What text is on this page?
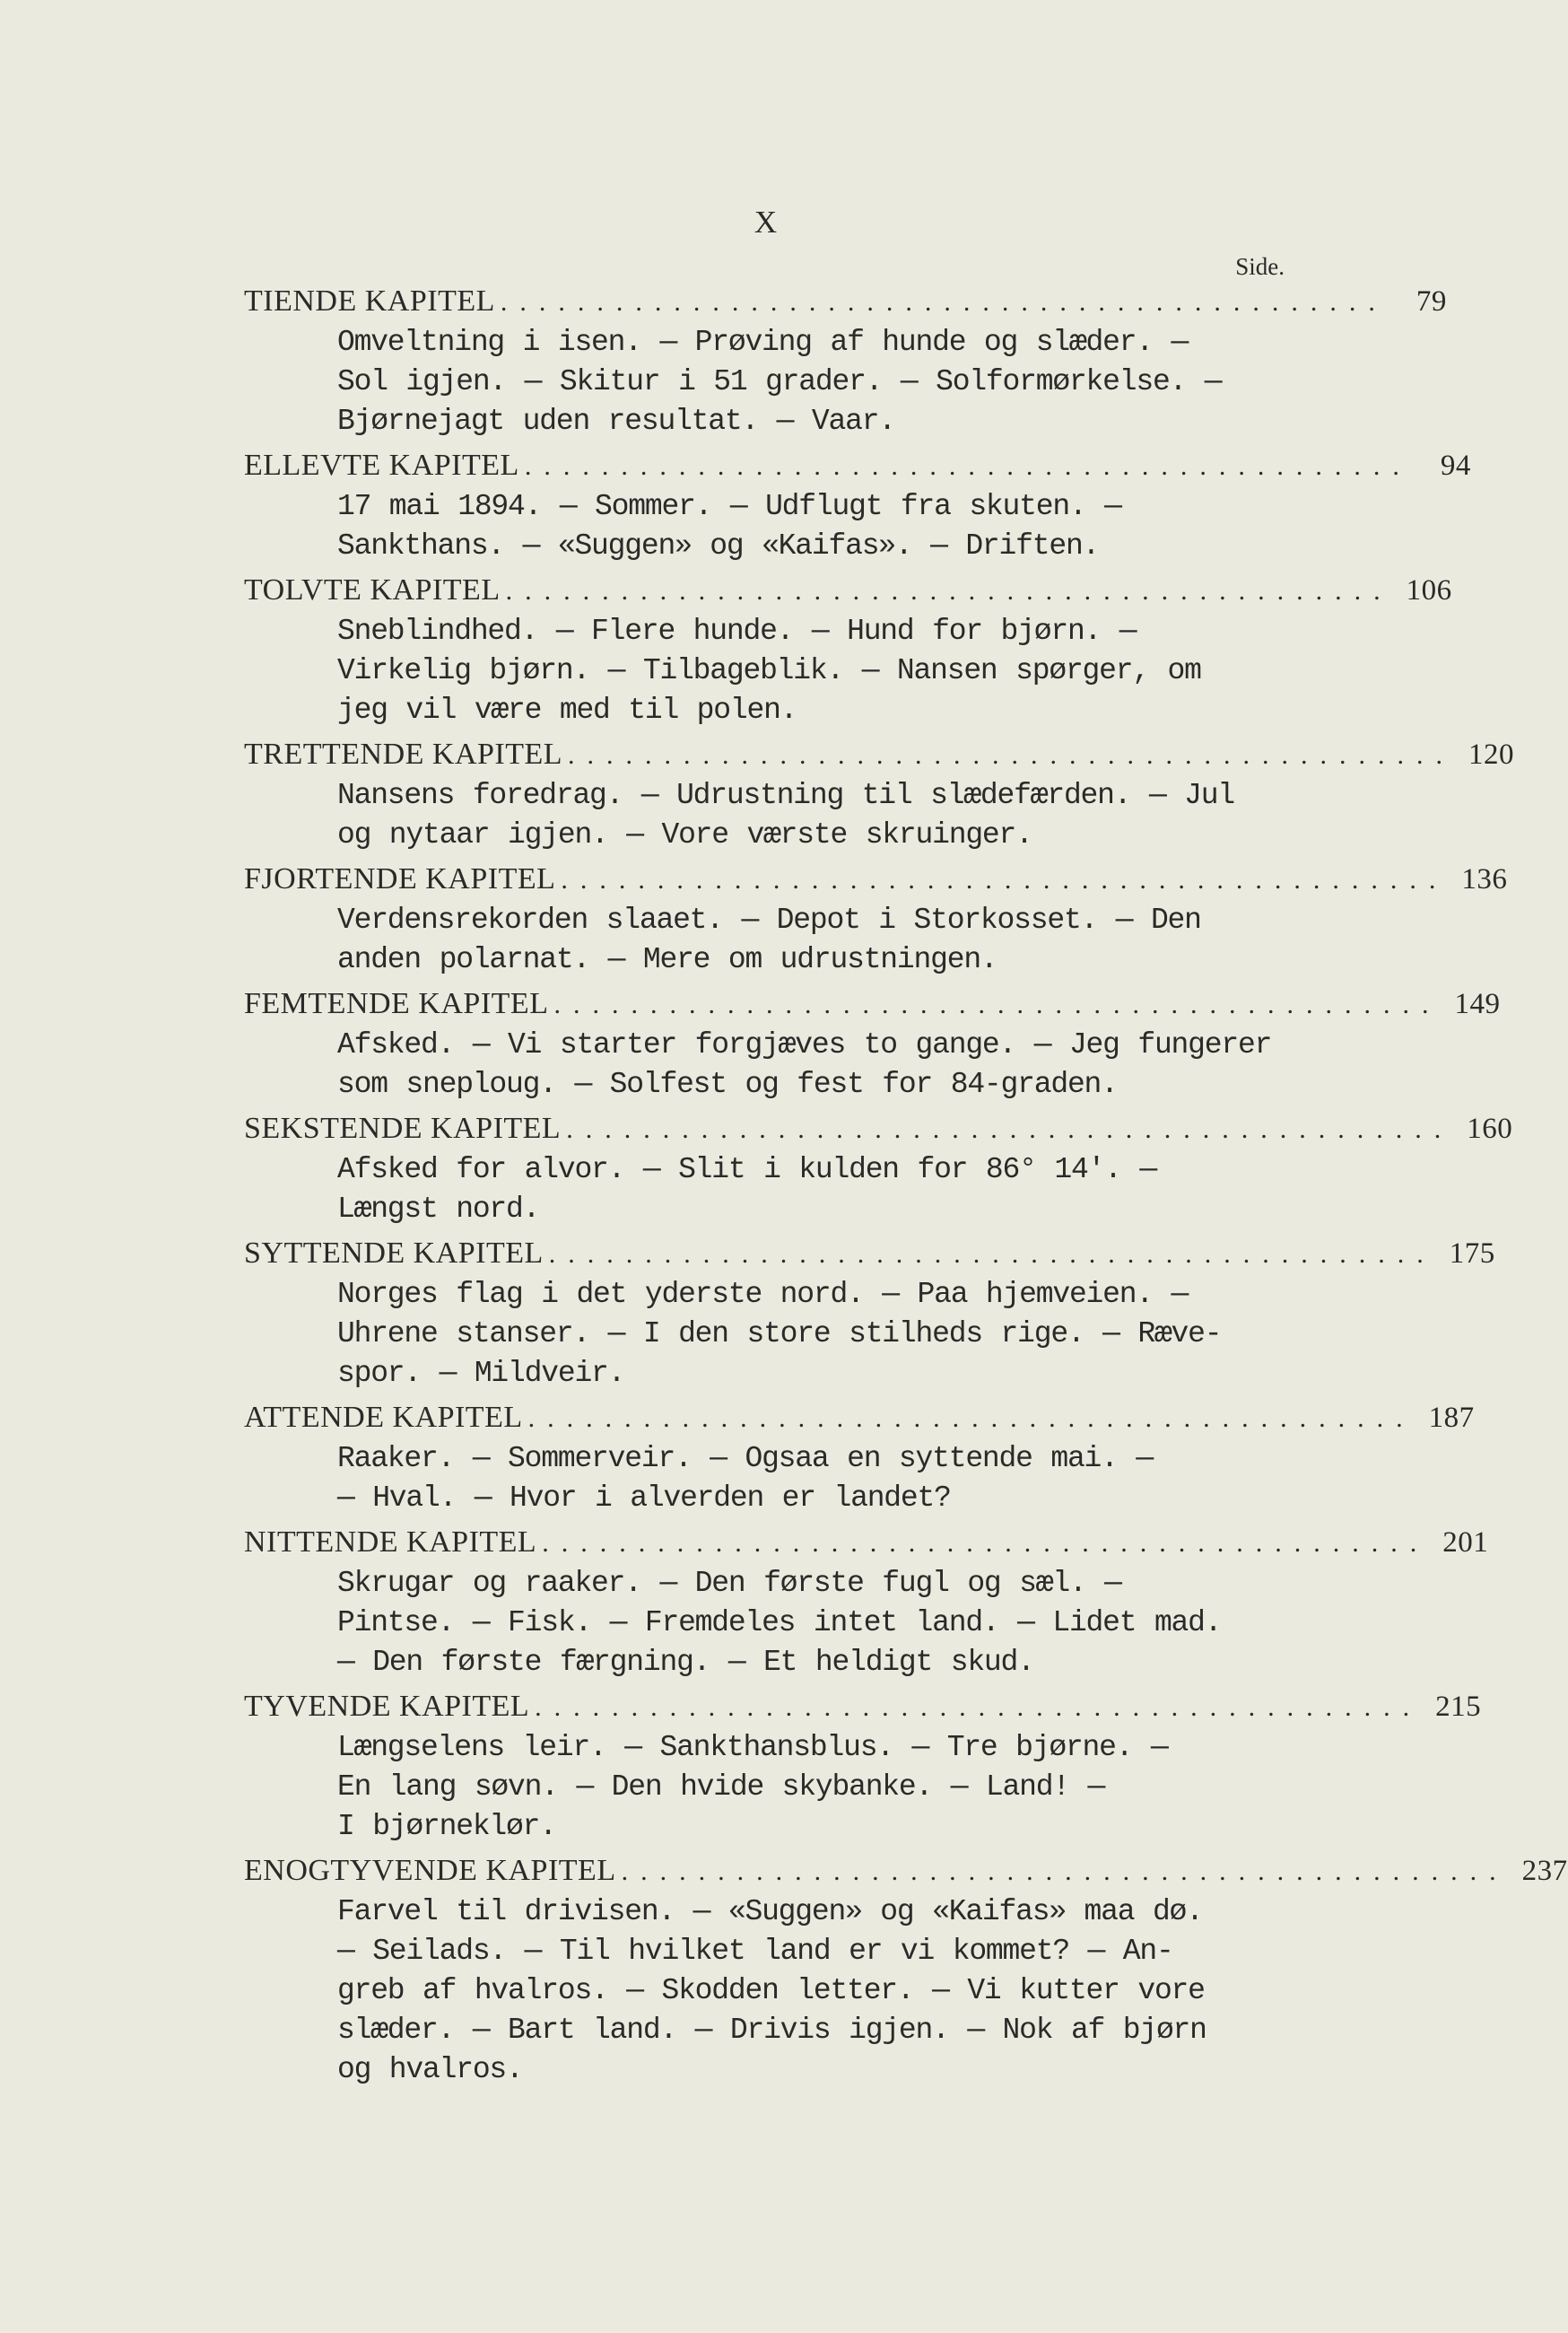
X
Side.
TIENDE KAPITEL .............................................. 79
Omveltning i isen. — Prøving af hunde og slæder. —
Sol igjen. — Skitur i 51 grader. — Solformørkelse. —
Bjørnejagt uden resultat. — Vaar.
ELLEVTE KAPITEL .............................................. 94
17 mai 1894. — Sommer. — Udflugt fra skuten. —
Sankthans. — «Suggen» og «Kaifas». — Driften.
TOLVTE KAPITEL .............................................. 106
Sneblindhed. — Flere hunde. — Hund for bjørn. —
Virkelig bjørn. — Tilbageblik. — Nansen spørger, om
jeg vil være med til polen.
TRETTENDE KAPITEL .............................................. 120
Nansens foredrag. — Udrustning til slædefærden. — Jul
og nytaar igjen. — Vore værste skruinger.
FJORTENDE KAPITEL .............................................. 136
Verdensrekorden slaaet. — Depot i Storkosset. — Den
anden polarnat. — Mere om udrustningen.
FEMTENDE KAPITEL .............................................. 149
Afsked. — Vi starter forgjæves to gange. — Jeg fungerer
som sneploug. — Solfest og fest for 84-graden.
SEKSTENDE KAPITEL .............................................. 160
Afsked for alvor. — Slit i kulden for 86° 14'. —
Længst nord.
SYTTENDE KAPITEL .............................................. 175
Norges flag i det yderste nord. — Paa hjemveien. —
Uhrene stanser. — I den store stilheds rige. — Ræve-
spor. — Mildveir.
ATTENDE KAPITEL .............................................. 187
Raaker. — Sommerveir. — Ogsaa en syttende mai. —
— Hval. — Hvor i alverden er landet?
NITTENDE KAPITEL .............................................. 201
Skrugar og raaker. — Den første fugl og sæl. —
Pintse. — Fisk. — Fremdeles intet land. — Lidet mad.
— Den første færgning. — Et heldigt skud.
TYVENDE KAPITEL .............................................. 215
Længselens leir. — Sankthansblus. — Tre bjørne. —
En lang søvn. — Den hvide skybanke. — Land! —
I bjørneklør.
ENOGTYVENDE KAPITEL .............................................. 237
Farvel til drivisen. — «Suggen» og «Kaifas» maa dø.
— Seilads. — Til hvilket land er vi kommet? — An-
greb af hvalros. — Skodden letter. — Vi kutter vore
slæder. — Bart land. — Drivis igjen. — Nok af bjørn
og hvalros.
